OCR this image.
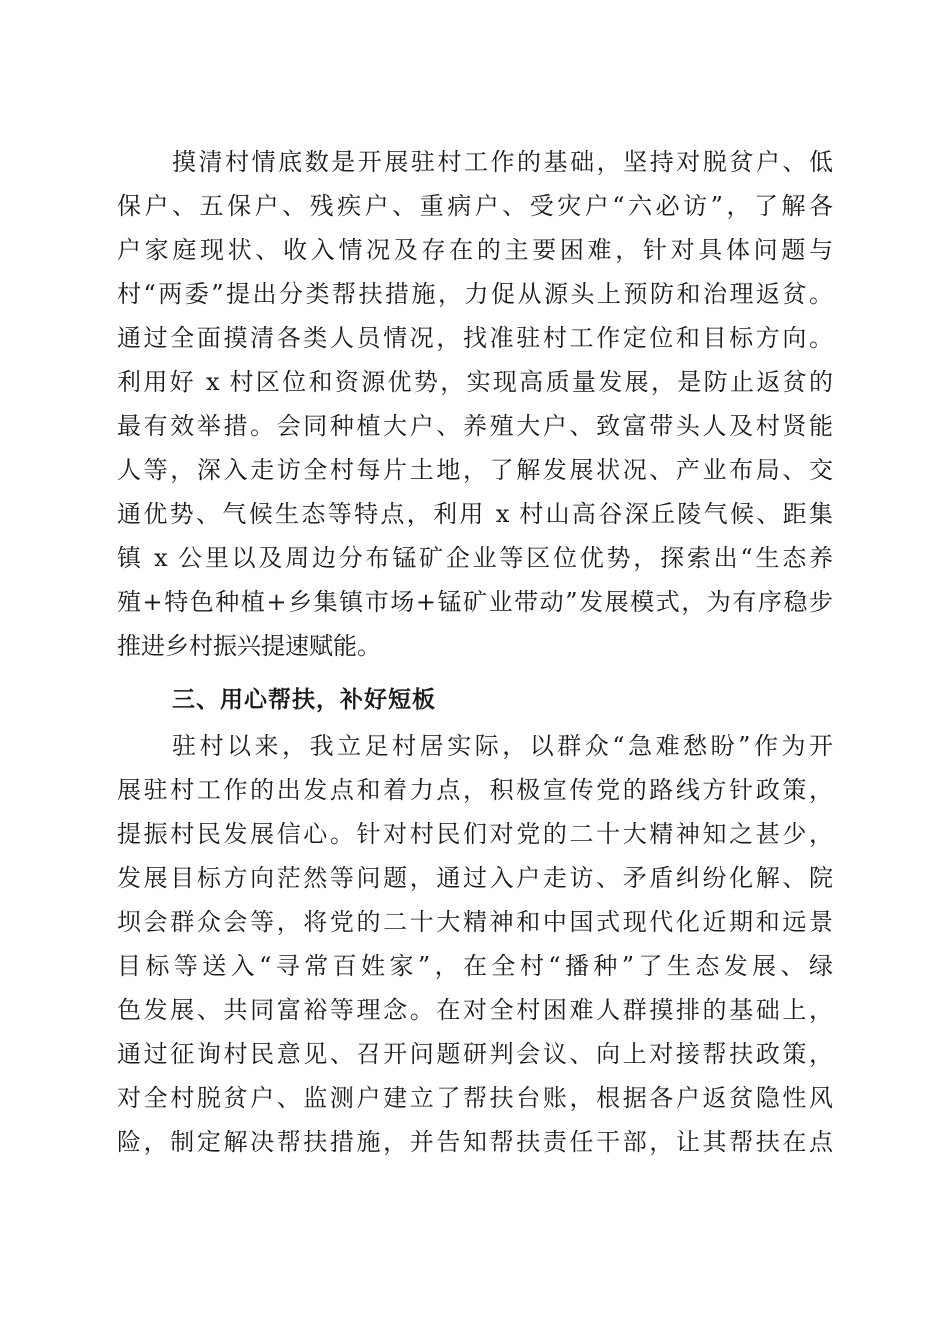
摸清村情底数是开展驻村工作的基础，坚持对脱贫户、低
保户、五保户、残疾户、重病户、受灾户“六必访”，了解各
户家庭现状、收入情况及存在的主要困难，针对具体问题与
村“两委”提出分类帮扶措施，力促从源头上预防和治理返贫。
通过全面摸清各类人员情况，找准驻村工作定位和目标方向。
利用好 x 村区位和资源优势，实现高质量发展，是防止返贫的
最有效举措。会同种植大户、养殖大户、致富带头人及村贤能
人等，深入走访全村每片土地，了解发展状况、产业布局、交
通优势、气候生态等特点，利用 x 村山高谷深丘陵气候、距集
镇 x 公里以及周边分布锰矿企业等区位优势，探索出“生态养
殖+特色种植+乡集镇市场+锰矿业带动”发展模式，为有序稳步
推进乡村振兴提速赋能。
三、用心帮扶，补好短板
驻村以来，我立足村居实际，以群众“急难愁盼”作为开
展驻村工作的出发点和着力点，积极宣传党的路线方针政策，
提振村民发展信心。针对村民们对党的二十大精神知之甚少，
发展目标方向茫然等问题，通过入户走访、矛盾纠纷化解、院
坝会群众会等，将党的二十大精神和中国式现代化近期和远景
目标等送入“寻常百姓家”，在全村“播种”了生态发展、绿
色发展、共同富裕等理念。在对全村困难人群摸排的基础上，
通过征询村民意见、召开问题研判会议、向上对接帮扶政策，
对全村脱贫户、监测户建立了帮扶台账，根据各户返贫隐性风
险，制定解决帮扶措施，并告知帮扶责任干部，让其帮扶在点
